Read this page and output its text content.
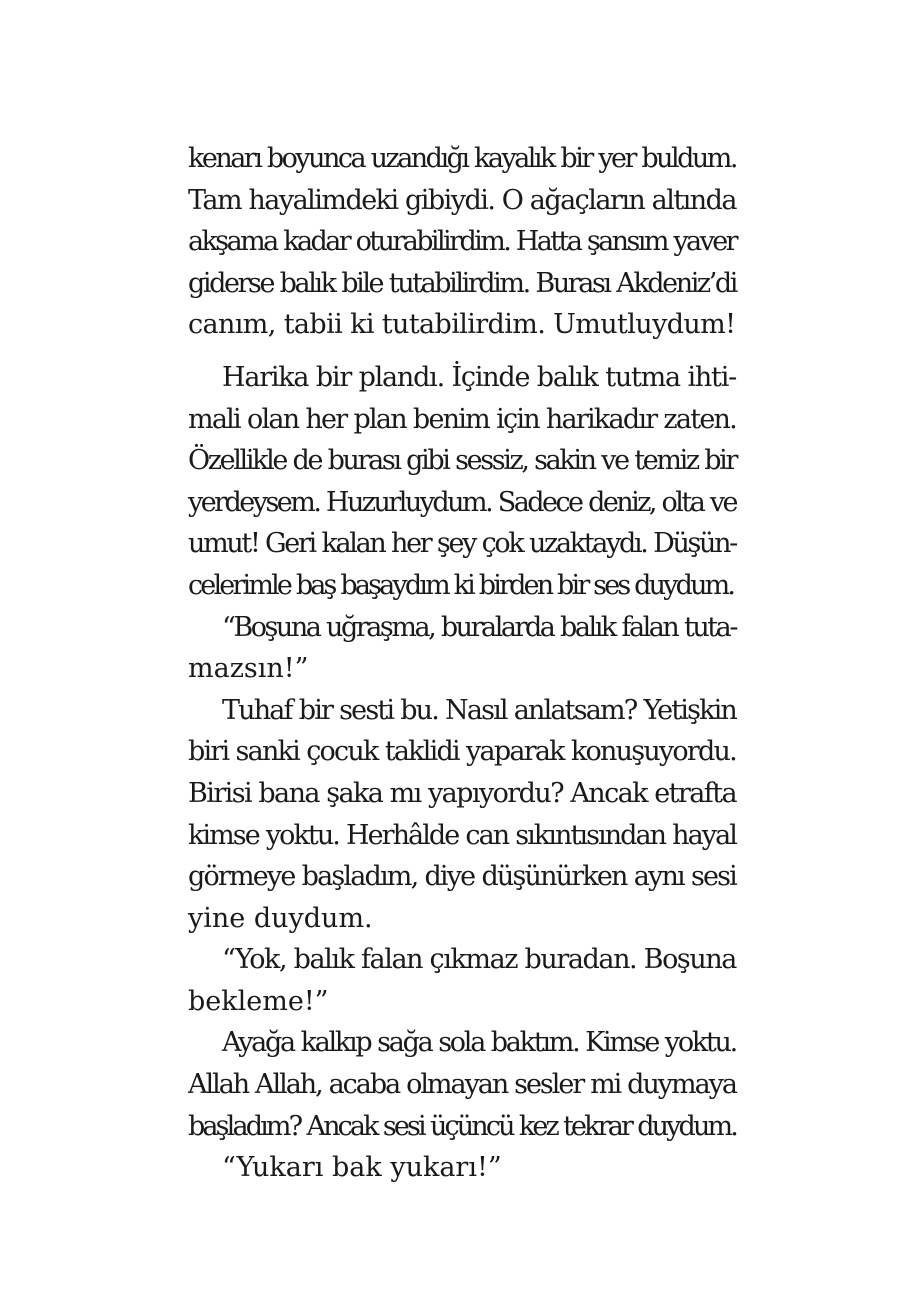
kenarı boyunca uzandığı kayalık bir yer buldum.
Tam hayalimdeki gibiydi. O ağaçların altında
akşama kadar oturabilirdim. Hatta şansım yaver
giderse balık bile tutabilirdim. Burası Akdeniz’di
canım, tabii ki tutabilirdim. Umutluydum!

Harika bir plandı. İçinde balık tutma ihti-
mali olan her plan benim için harikadır zaten.
Özellikle de burası gibi sessiz, sakin ve temiz bir
yerdeysem. Huzurluydum. Sadece deniz, olta ve
umut! Geri kalan her şey çok uzaktaydı. Düşün-
celerimle baş başaydım ki birden bir ses duydum.

“Boşuna uğraşma, buralarda balık falan tuta-
mazsın!”

Tuhaf bir sesti bu. Nasıl anlatsam? Yetişkin
biri sanki çocuk taklidi yaparak konuşuyordu.
Birisi bana şaka mı yapıyordu? Ancak etrafta
kimse yoktu. Herhâlde can sıkıntısından hayal
görmeye başladım, diye düşünürken aynı sesi
yine duydum.

“Yok, balık falan çıkmaz buradan. Boşuna
bekleme!”

Ayağa kalkıp sağa sola baktım. Kimse yoktu.
Allah Allah, acaba olmayan sesler mi duymaya
başladım? Ancak sesi üçüncü kez tekrar duydum.

“Yukarı bak yukarı!”
